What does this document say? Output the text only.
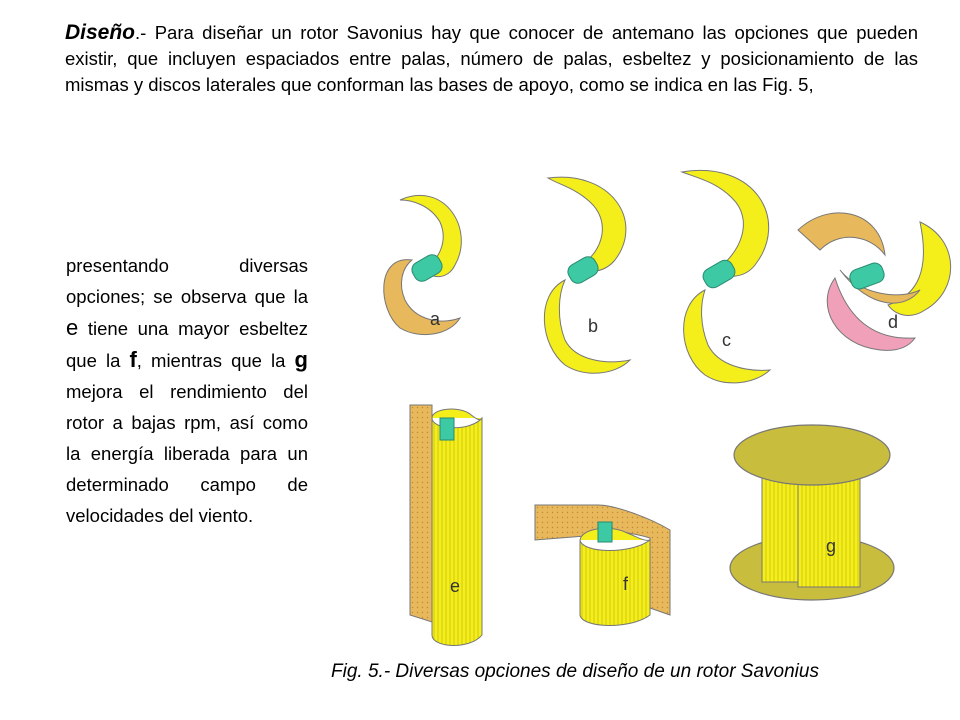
Diseño.- Para diseñar un rotor Savonius hay que conocer de antemano las opciones que pueden existir, que incluyen espaciados entre palas, número de palas, esbeltez y posicionamiento de las mismas y discos laterales que conforman las bases de apoyo, como se indica en las Fig. 5,

presentando diversas opciones; se observa que la e tiene una mayor esbeltez que la f, mientras que la g mejora el rendimiento del rotor a bajas rpm, así como la energía liberada para un determinado campo de velocidades del viento.

a	b
c
d
e	f
g

Fig. 5.- Diversas opciones de diseño de un rotor Savonius
